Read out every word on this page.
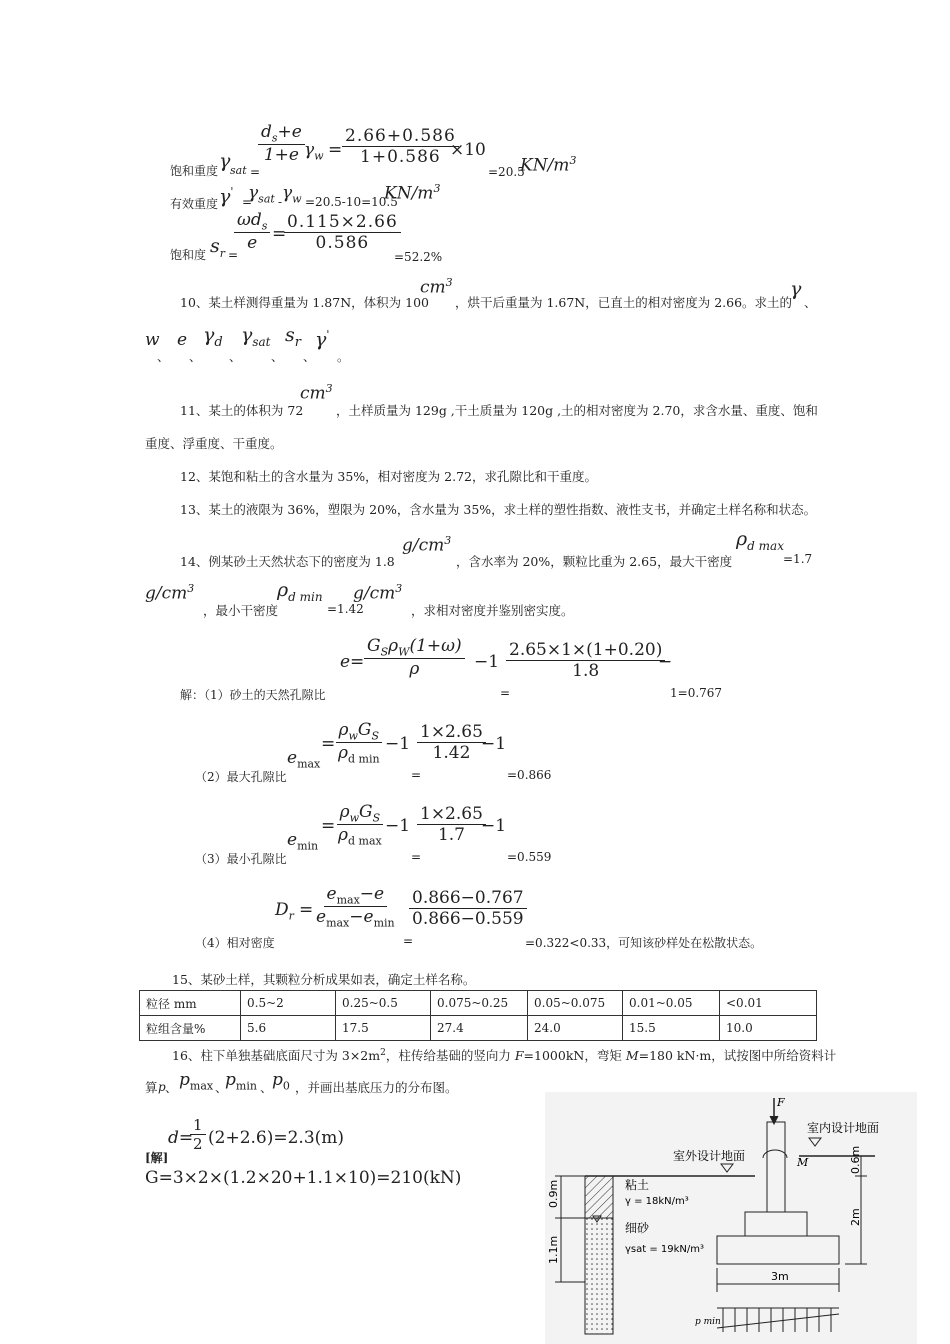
饱和重度 γ sat =
$\frac{d_s+e}{1+e} \gamma_w = \frac{2.66+0.586}{1+0.586}$
×10
=20.5
$KN/m^3$
有效重度 γ'
=
$\gamma_{sat} - \gamma_w =20.5-10=10.5$
$KN/m^3$
饱和度 $s_r$ =
$\omega d_s$
e =
$\frac{0.115\times 2.66}{0.586}$
=52.2%
10、某土样测得重量为 1.87N，体积为 100
$cm^3$
，烘干后重量为 1.67N，已直土的相对密度为 2.66。求土的
γ
、
w
、
e
、
$\gamma_d$
、
$\gamma_{sat}$
、
$s_r$
、
γ'
。
11、某土的体积为 72
$cm^3$
，土样质量为 129g ,干土质量为 120g ,土的相对密度为 2.70，求含水量、重度、饱和
重度、浮重度、干重度。
12、某饱和粘土的含水量为 35%，相对密度为 2.72，求孔隙比和干重度。
13、某土的液限为 36%，塑限为 20%，含水量为 35%，求土样的塑性指数、液性支书，并确定土样名称和状态。
14、例某砂土天然状态下的密度为 1.8
$g/cm^3$
，含水率为 20%，颗粒比重为 2.65，最大干密度
$\rho_{d max}$
=1.7
$g/cm^3$
，最小干密度
$\rho_{d min}$
=1.42
$g/cm^3$
，求相对密度并鉴别密实度。
解：（1）砂土的天然孔隙比
e=
$G_S\rho_W(1+\omega)$
ρ	−1
=
$\frac{2.65\times 1\times(1+0.20)}{1.8}$
−
1=0.767
（2）最大孔隙比
$e_{max}$
=
$\rho_wG_S$
$\rho_{d min}$
−1
=
$\frac{1\times 2.65}{1.42}$
−1
=0.866
（3）最小孔隙比
$e_{min}$
=
$\rho_wG_S$
$\rho_{d max}$
−1
=
$\frac{1\times 2.65}{1.7}$
−1
=0.559
（4）相对密度
$D_r$ =
$e_{max}-e$
$e_{max}-e_{min}$
=
$\frac{0.866-0.767}{0.866-0.559}$
=0.322<0.33，可知该砂样处在松散状态。
15、某砂土样，其颗粒分析成果如表，确定土样名称。
粒径 mm	0.5~2	0.25~0.5	0.075~0.25	0.05~0.075	0.01~0.05	<0.01
粒组含量%	5.6	17.5	27.4	24.0	15.5	10.0
16、柱下单独基础底面尺寸为 $3\times 2m^2$，柱传给基础的竖向力 F=1000kN，弯矩 M=180 kN·m，试按图中所给资料计
算 p 、 $p_{max}$ 、
$p_{min}$ 、 $p_0$ ，并画出基底压力的分布图。
d=
$\frac{1}{2} (2+2.6)=2.3(m)$
[解]
G=3×2×(1.2×20+1.1×10)=210(kN)
0.9m
1.1m
室外设计地面
室内设计地面
F
M
粘土
γ = 18kN/m³
细砂
γsat = 19kN/m³
0.6m
2m
3m
p min
